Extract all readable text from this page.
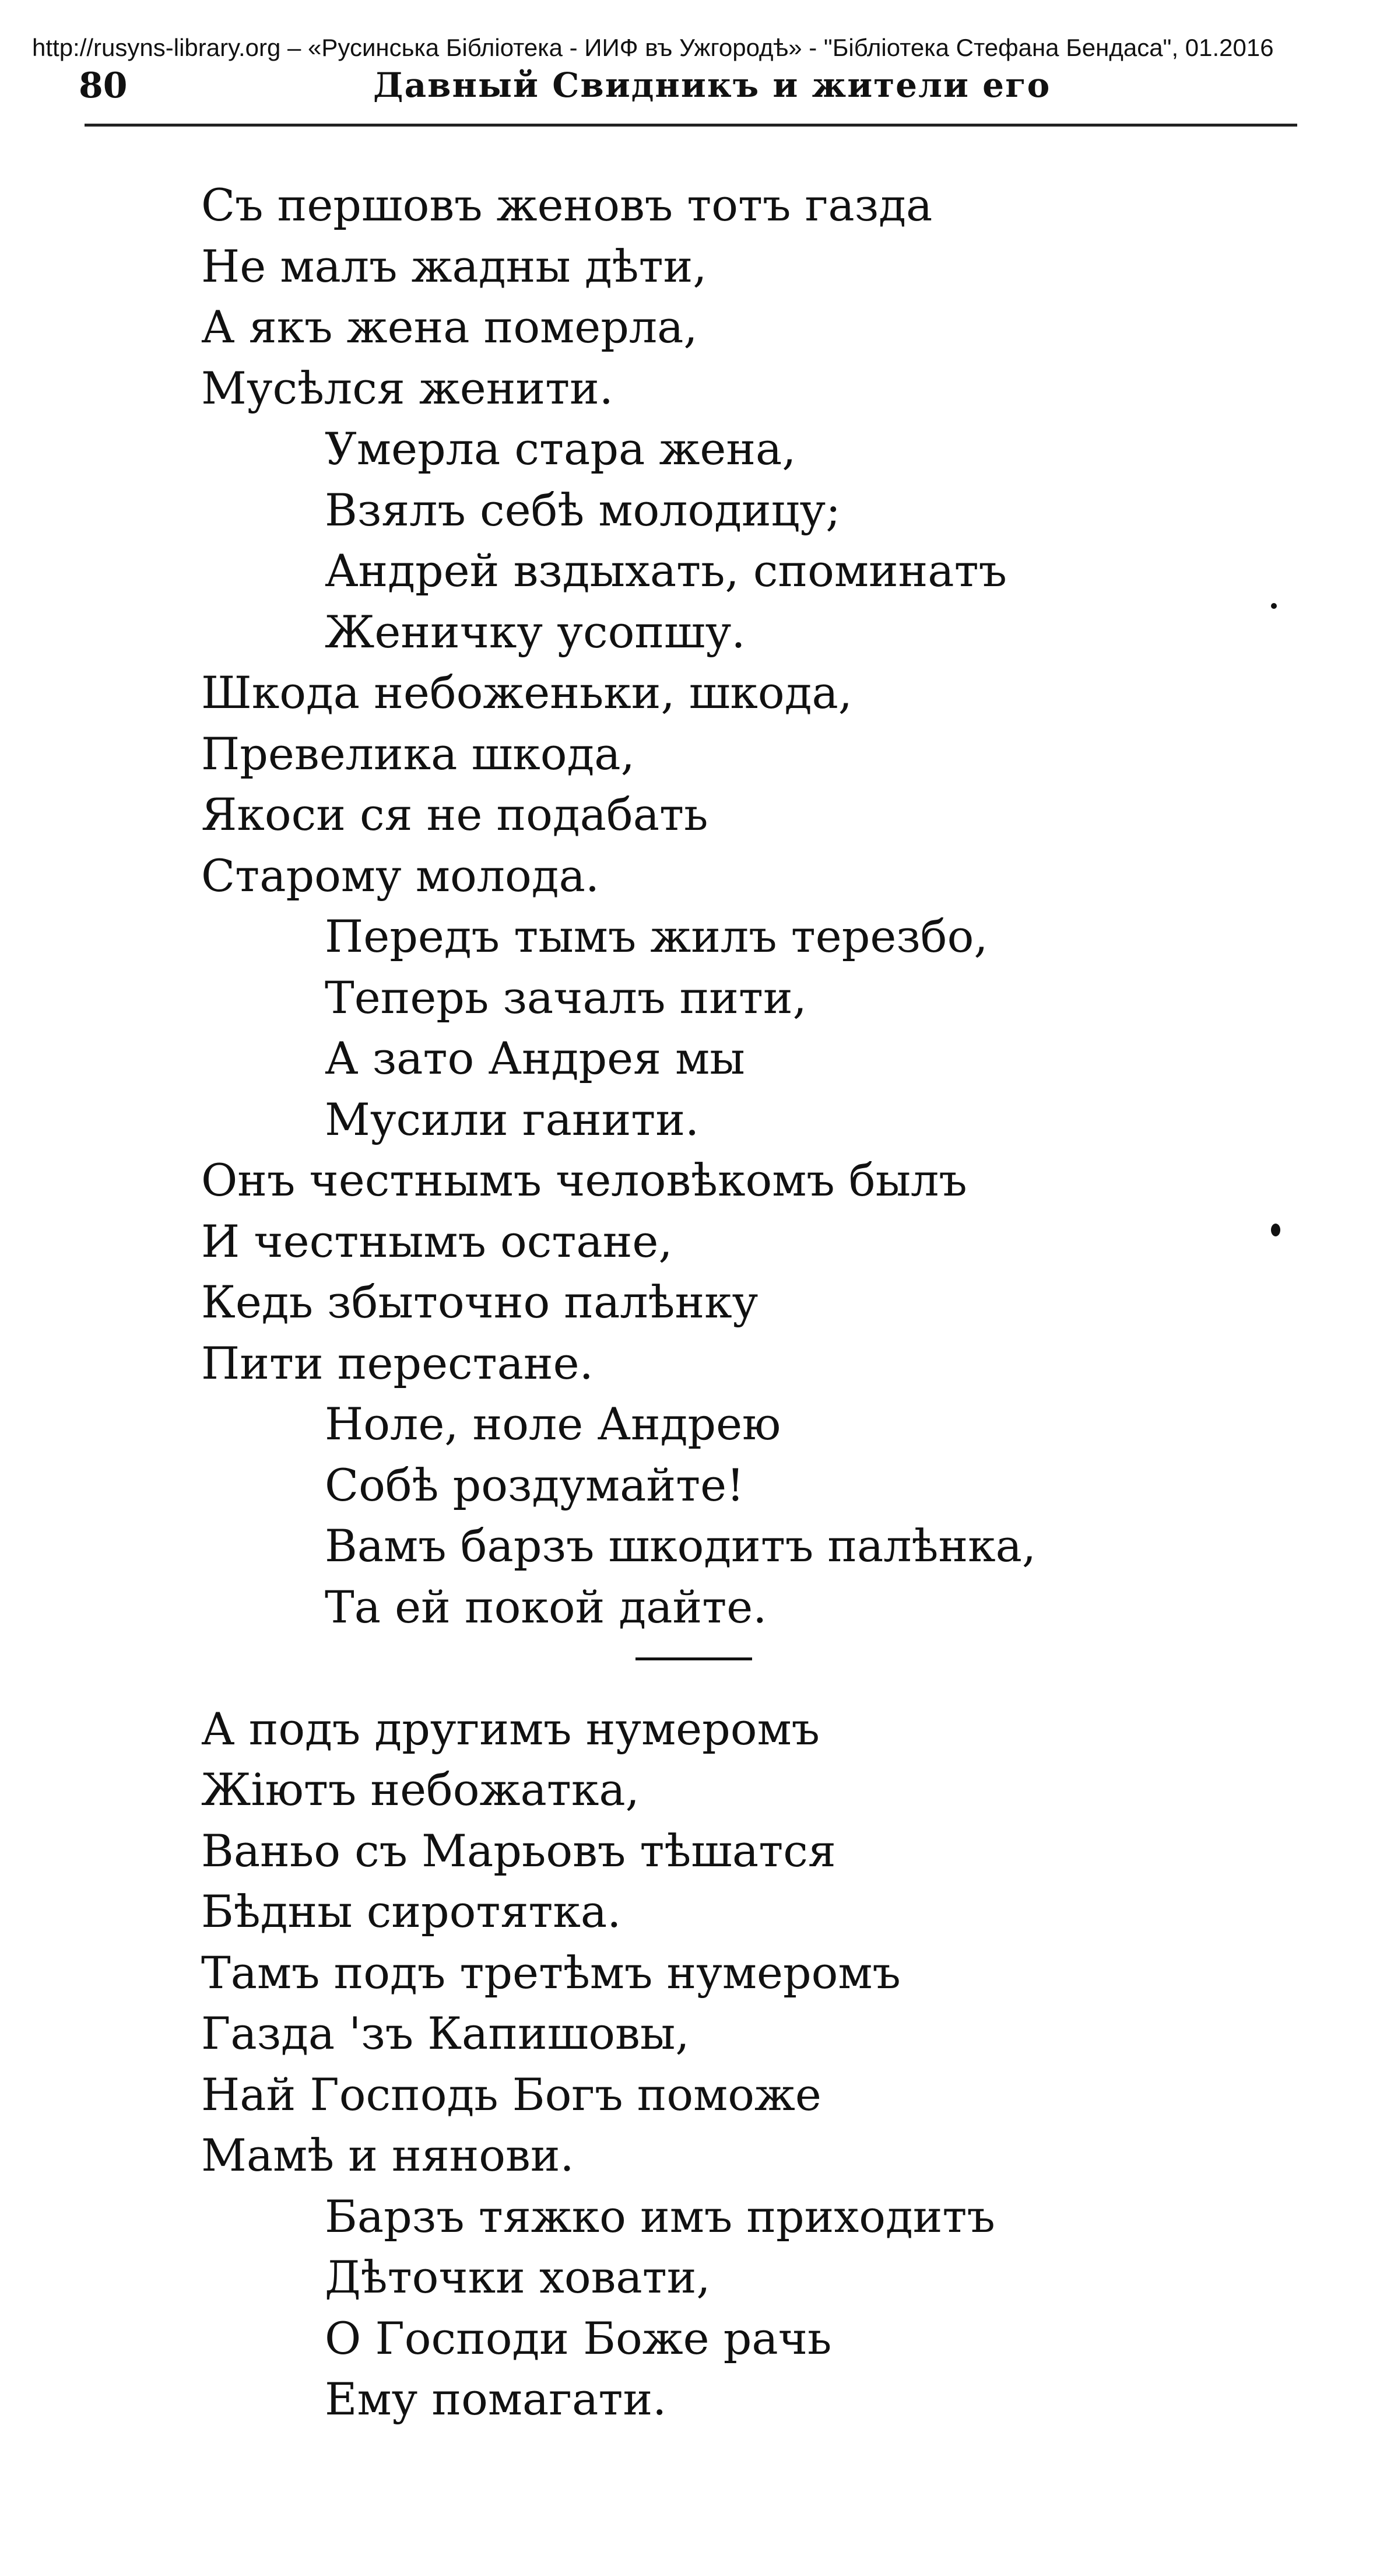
http://rusyns-library.org – «Русинська Бібліотека - ИИФ въ Ужгородѣ» - "Бібліотека Стефана Бендаса", 01.2016
80	Давный Свидникъ и жители его
Съ першовъ женовъ тотъ газда
Не малъ жадны дѣти,
А якъ жена померла,
Мусѣлся женити.
Умерла стара жена,
Взялъ себѣ молодицу;
Андрей вздыхать, споминатъ
Женичку усопшу.
Шкода небоженьки, шкода,
Превелика шкода,
Якоси ся не подабать
Старому молода.
Передъ тымъ жилъ терезбо,
Теперь зачалъ пити,
А зато Андрея мы
Мусили ганити.
Онъ честнымъ человѣкомъ былъ
И честнымъ остане,
Кедь збыточно палѣнку
Пити перестане.
Ноле, ноле Андрею
Собѣ роздумайте!
Вамъ барзъ шкодитъ палѣнка,
Та ей покой дайте.
А подъ другимъ нумеромъ
Жіютъ небожатка,
Ваньо съ Марьовъ тѣшатся
Бѣдны сиротятка.
Тамъ подъ третѣмъ нумеромъ
Газда 'зъ Капишовы,
Най Господь Богъ поможе
Мамѣ и нянови.
Барзъ тяжко имъ приходитъ
Дѣточки ховати,
О Господи Боже рачь
Ему помагати.
